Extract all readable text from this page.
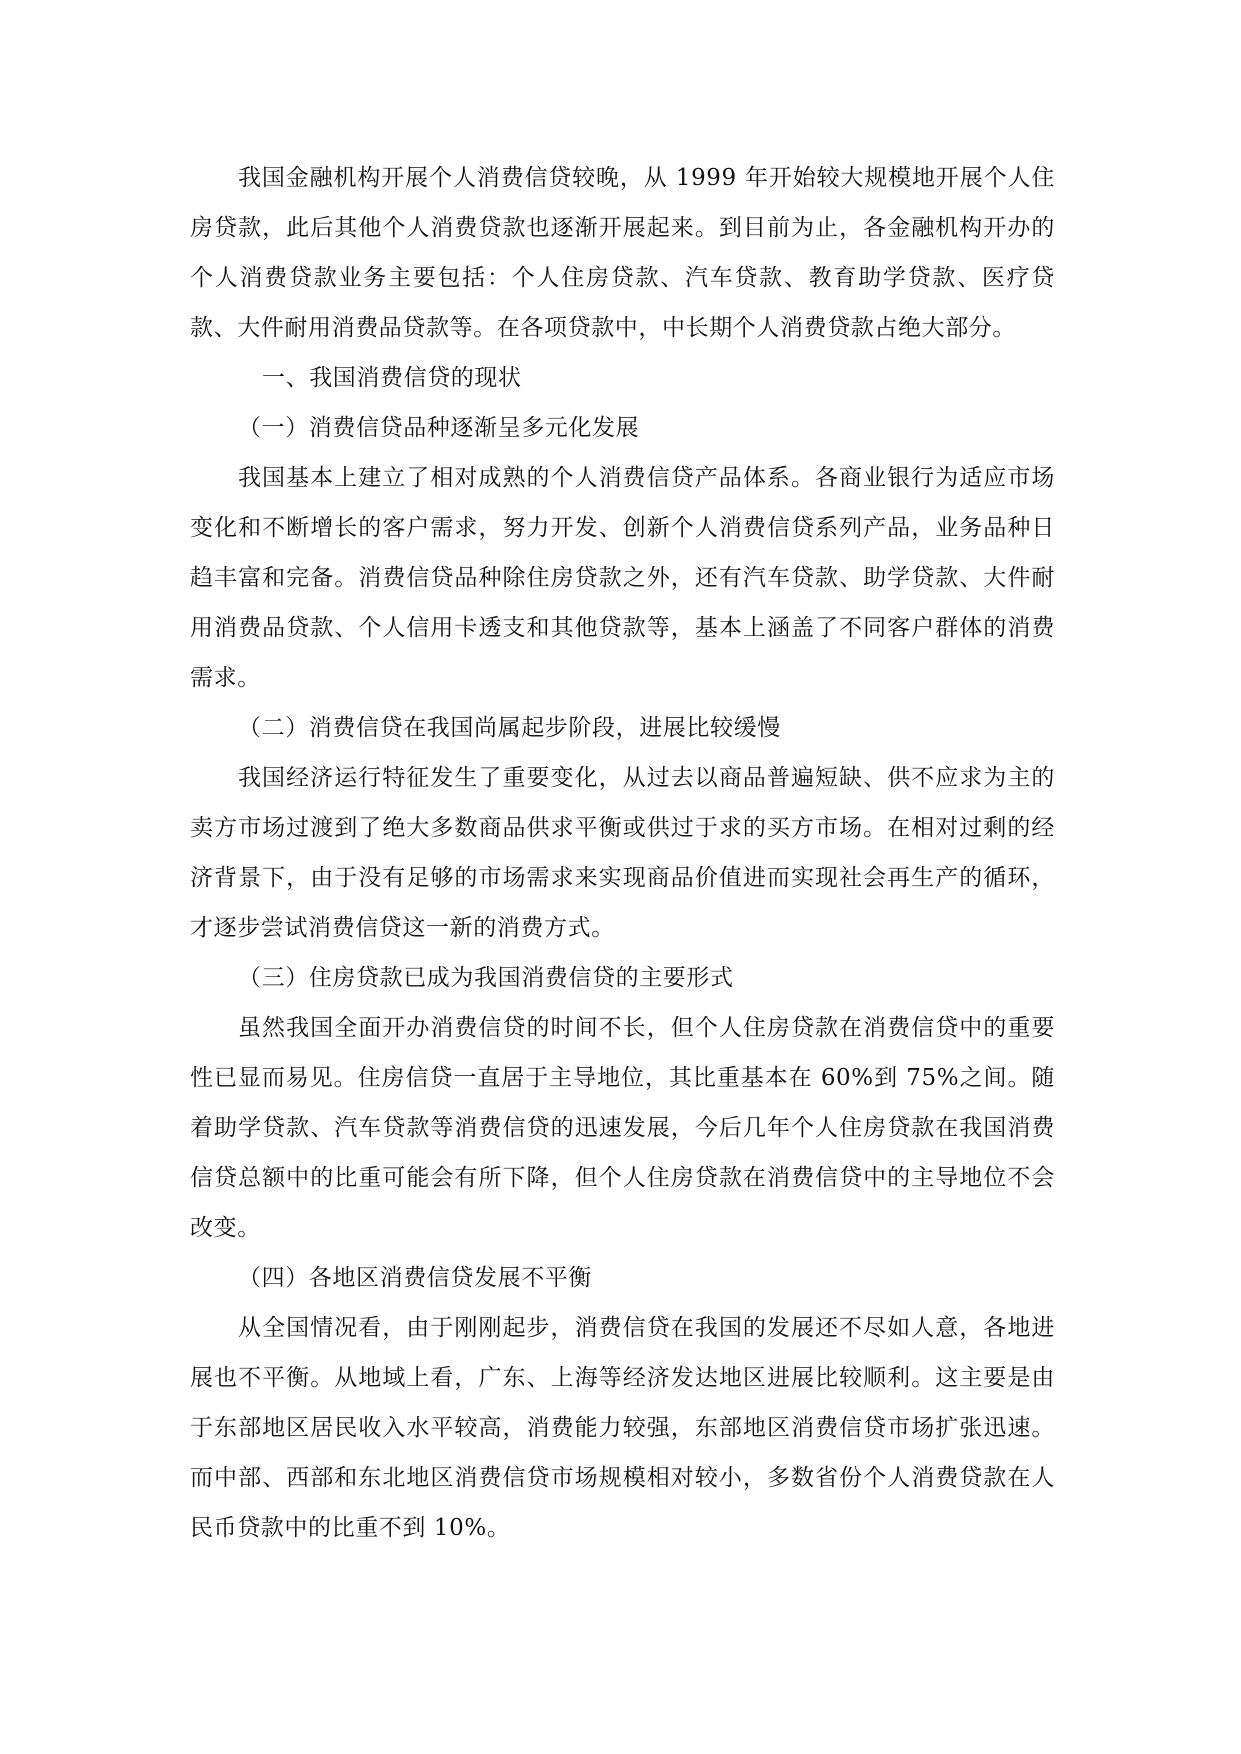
我国金融机构开展个人消费信贷较晚，从 1999 年开始较大规模地开展个人住房贷款，此后其他个人消费贷款也逐渐开展起来。到目前为止，各金融机构开办的个人消费贷款业务主要包括：个人住房贷款、汽车贷款、教育助学贷款、医疗贷款、大件耐用消费品贷款等。在各项贷款中，中长期个人消费贷款占绝大部分。

一、我国消费信贷的现状

（一）消费信贷品种逐渐呈多元化发展

我国基本上建立了相对成熟的个人消费信贷产品体系。各商业银行为适应市场变化和不断增长的客户需求，努力开发、创新个人消费信贷系列产品，业务品种日趋丰富和完备。消费信贷品种除住房贷款之外，还有汽车贷款、助学贷款、大件耐用消费品贷款、个人信用卡透支和其他贷款等，基本上涵盖了不同客户群体的消费需求。

（二）消费信贷在我国尚属起步阶段，进展比较缓慢

我国经济运行特征发生了重要变化，从过去以商品普遍短缺、供不应求为主的卖方市场过渡到了绝大多数商品供求平衡或供过于求的买方市场。在相对过剩的经济背景下，由于没有足够的市场需求来实现商品价值进而实现社会再生产的循环，才逐步尝试消费信贷这一新的消费方式。

（三）住房贷款已成为我国消费信贷的主要形式

虽然我国全面开办消费信贷的时间不长，但个人住房贷款在消费信贷中的重要性已显而易见。住房信贷一直居于主导地位，其比重基本在 60%到 75%之间。随着助学贷款、汽车贷款等消费信贷的迅速发展，今后几年个人住房贷款在我国消费信贷总额中的比重可能会有所下降，但个人住房贷款在消费信贷中的主导地位不会改变。

（四）各地区消费信贷发展不平衡

从全国情况看，由于刚刚起步，消费信贷在我国的发展还不尽如人意，各地进展也不平衡。从地域上看，广东、上海等经济发达地区进展比较顺利。这主要是由于东部地区居民收入水平较高，消费能力较强，东部地区消费信贷市场扩张迅速。而中部、西部和东北地区消费信贷市场规模相对较小，多数省份个人消费贷款在人民币贷款中的比重不到 10%。
